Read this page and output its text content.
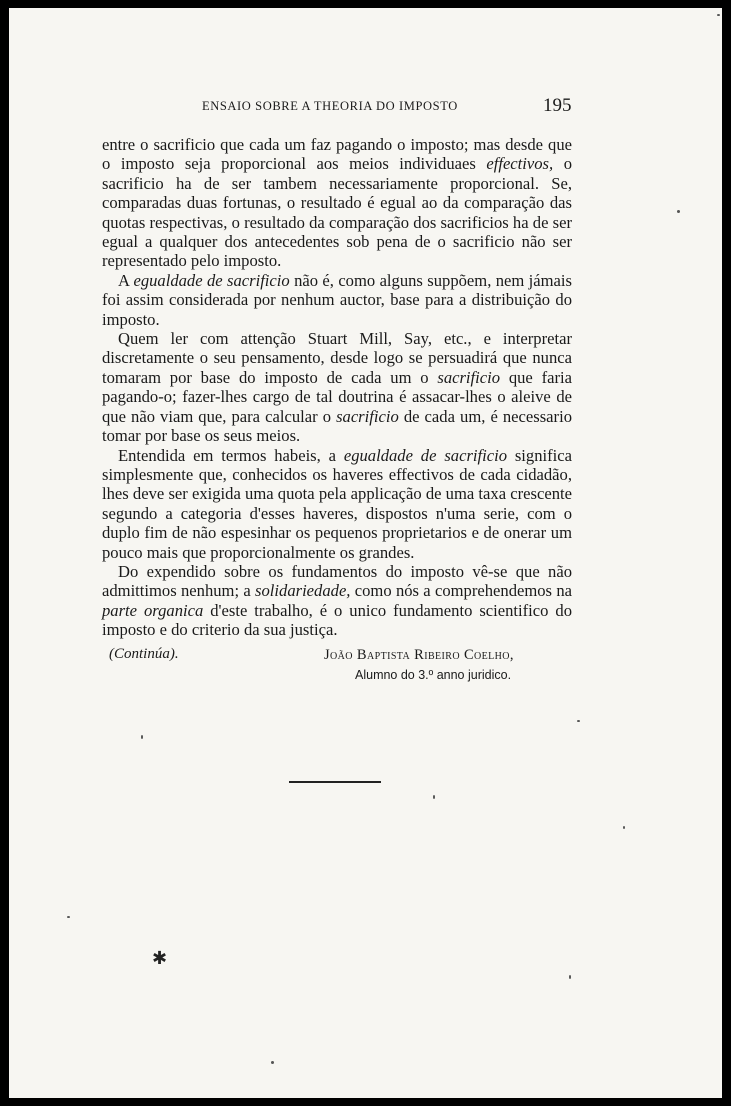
ENSAIO SOBRE A THEORIA DO IMPOSTO	195

entre o sacrificio que cada um faz pagando o imposto; mas desde que o imposto seja proporcional aos meios individuaes effectivos, o sacrificio ha de ser tambem necessariamente proporcional. Se, comparadas duas fortunas, o resultado é egual ao da comparação das quotas respectivas, o resultado da comparação dos sacrificios ha de ser egual a qualquer dos antecedentes sob pena de o sacrificio não ser representado pelo imposto.

A egualdade de sacrificio não é, como alguns suppõem, nem jámais foi assim considerada por nenhum auctor, base para a distribuição do imposto.

Quem ler com attenção Stuart Mill, Say, etc., e interpretar discretamente o seu pensamento, desde logo se persuadirá que nunca tomaram por base do imposto de cada um o sacrificio que faria pagando-o; fazer-lhes cargo de tal doutrina é assacar-lhes o aleive de que não viam que, para calcular o sacrificio de cada um, é necessario tomar por base os seus meios.

Entendida em termos habeis, a egualdade de sacrificio significa simplesmente que, conhecidos os haveres effectivos de cada cidadão, lhes deve ser exigida uma quota pela applicação de uma taxa crescente segundo a categoria d'esses haveres, dispostos n'uma serie, com o duplo fim de não espesinhar os pequenos proprietarios e de onerar um pouco mais que proporcionalmente os grandes.

Do expendido sobre os fundamentos do imposto vê-se que não admittimos nenhum; a solidariedade, como nós a comprehendemos na parte organica d'este trabalho, é o unico fundamento scientifico do imposto e do criterio da sua justiça.

(Continúa).	João Baptista Ribeiro Coelho,
Alumno do 3.º anno juridico.
✱
